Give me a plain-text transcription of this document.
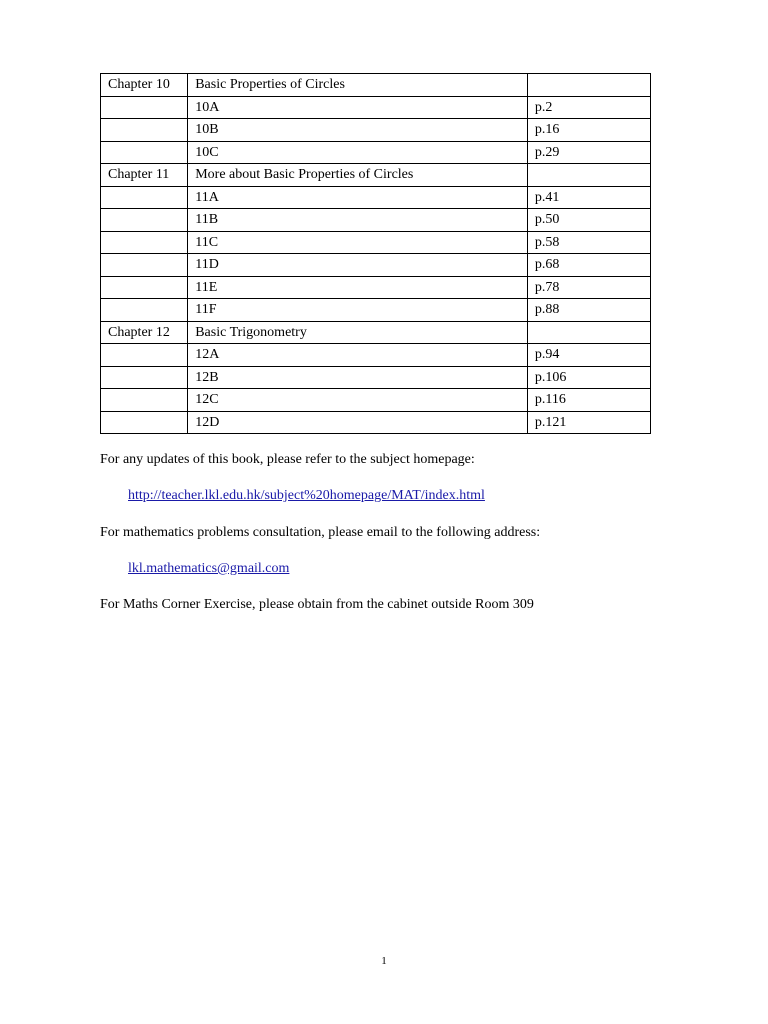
Chapter 10	Basic Properties of Circles	
	10A	p.2
	10B	p.16
	10C	p.29
Chapter 11	More about Basic Properties of Circles	
	11A	p.41
	11B	p.50
	11C	p.58
	11D	p.68
	11E	p.78
	11F	p.88
Chapter 12	Basic Trigonometry	
	12A	p.94
	12B	p.106
	12C	p.116
	12D	p.121

For any updates of this book, please refer to the subject homepage:

http://teacher.lkl.edu.hk/subject%20homepage/MAT/index.html

For mathematics problems consultation, please email to the following address:

lkl.mathematics@gmail.com

For Maths Corner Exercise, please obtain from the cabinet outside Room 309

1
